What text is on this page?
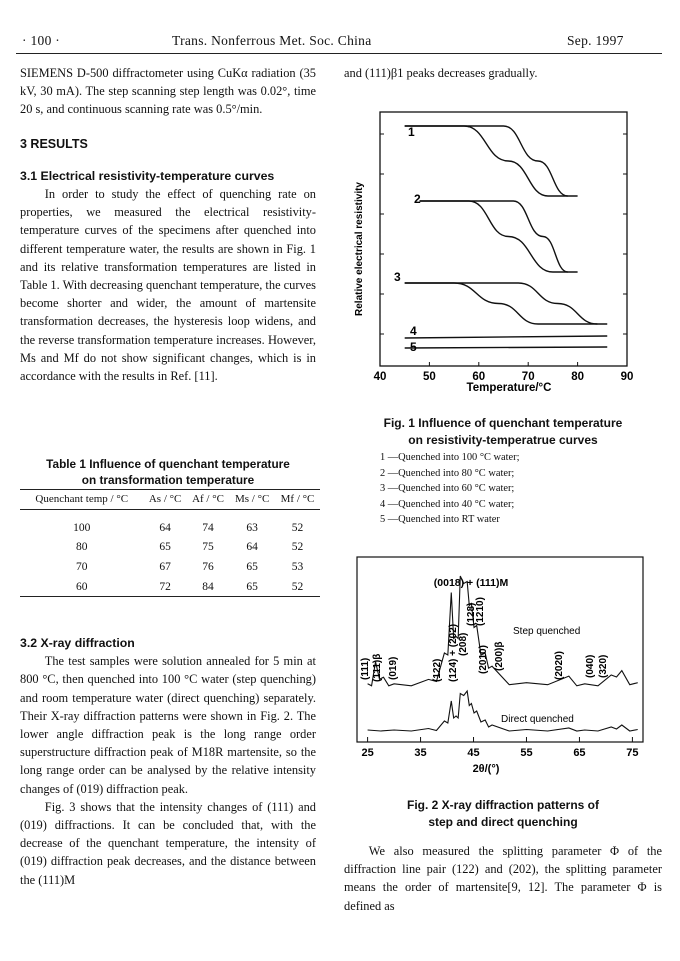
· 100 ·	Trans. Nonferrous Met. Soc. China	Sep. 1997

SIEMENS D-500 diffractometer using CuKα radiation (35 kV, 30 mA). The step scanning step length was 0.02°, time 20 s, and continuous scanning rate was 0.5°/min.

3 RESULTS

3.1 Electrical resistivity-temperature curves

In order to study the effect of quenching rate on properties, we measured the electrical resistivity-temperature curves of the specimens after quenched into different temperature water, the results are shown in Fig. 1 and its relative transformation temperatures are listed in Table 1. With decreasing quenchant temperature, the curves become shorter and wider, the amount of martensite transformation decreases, the hysteresis loop widens, and the reverse transformation temperature increases. However, Ms and Mf do not show significant changes, which is in accordance with the results in Ref. [11].

Table 1 Influence of quenchant temperature
on transformation temperature
Quenchant temp / °C	As / °C	Af / °C	Ms / °C	Mf / °C

100	64	74	63	52
80	65	75	64	52
70	67	76	65	53
60	72	84	65	52

3.2 X-ray diffraction

The test samples were solution annealed for 5 min at 800 °C, then quenched into 100 °C water (step quenching) and room temperature water (direct quenching) separately. Their X-ray diffraction patterns were shown in Fig. 2. The lower angle diffraction peak is the long range order superstructure diffraction peak of M18R martensite, so the long range order can be analysed by the relative intensity changes of (019) diffraction peak.

Fig. 3 shows that the intensity changes of (111) and (019) diffractions. It can be concluded that, with the decrease of the quenchant temperature, the intensity of (019) diffraction peak decreases, and the distance between the (111)M

and (111)β1 peaks decreases gradually.
1
2
3
4
5
40	50	60	70	80	90
Relative electrical resistivity
Temperature/°C
Fig. 1 Influence of quenchant temperature
on resistivity-temperatrue curves
1 —Quenched into 100 °C water;
2 —Quenched into 80 °C water;
3 —Quenched into 60 °C water;
4 —Quenched into 40 °C water;
5 —Quenched into RT water
(111) (111)β (019)	(122) (124) + (202) (208)
(128)
(1210)
(2010) (200)β	(2020) (040) (320)
25	35	45	55	65	75
(0018) + (111)M
Step quenched
Direct quenched
2θ/(°)
Fig. 2 X-ray diffraction patterns of
step and direct quenching
We also measured the splitting parameter Φ of the diffraction line pair (122) and (202), the splitting parameter means the order of martensite[9, 12]. The parameter Φ is defined as
